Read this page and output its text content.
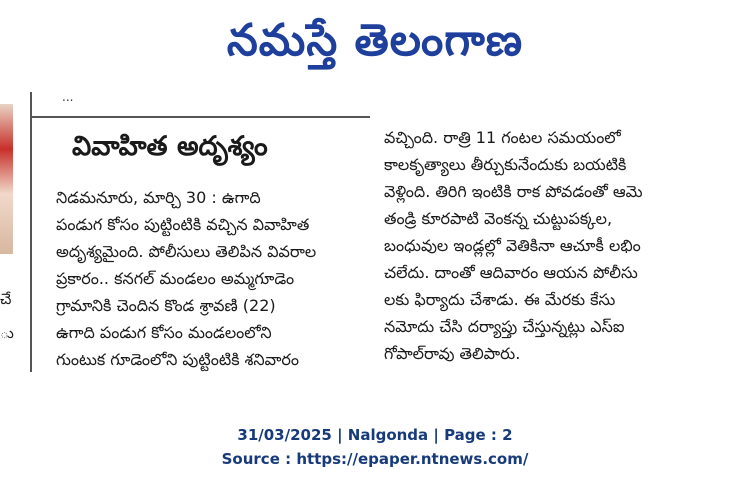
నమస్తే తెలంగాణ
చే
ు
...
వివాహిత అదృశ్యం
నిడమనూరు, మార్చి 30 : ఉగాది
పండుగ కోసం పుట్టింటికి వచ్చిన వివాహిత
అదృశ్యమైంది. పోలీసులు తెలిపిన వివరాల
ప్రకారం.. కనగల్ మండలం అమ్మగూడెం
గ్రామానికి చెందిన కొండ శ్రావణి (22)
ఉగాది పండుగ కోసం మండలంలోని
గుంటుక గూడెంలోని పుట్టింటికి శనివారం
వచ్చింది. రాత్రి 11 గంటల సమయంలో
కాలకృత్యాలు తీర్చుకునేందుకు బయటికి
వెళ్లింది. తిరిగి ఇంటికి రాక పోవడంతో ఆమె
తండ్రి కూరపాటి వెంకన్న చుట్టుపక్కల,
బంధువుల ఇండ్లల్లో వెతికినా ఆచూకీ లభిం
చలేదు. దాంతో ఆదివారం ఆయన పోలీసు
లకు ఫిర్యాదు చేశాడు. ఈ మేరకు కేసు
నమోదు చేసి దర్యాప్తు చేస్తున్నట్లు ఎస్ఐ
గోపాల్‌రావు తెలిపారు.
31/03/2025 | Nalgonda | Page : 2
Source : https://epaper.ntnews.com/
